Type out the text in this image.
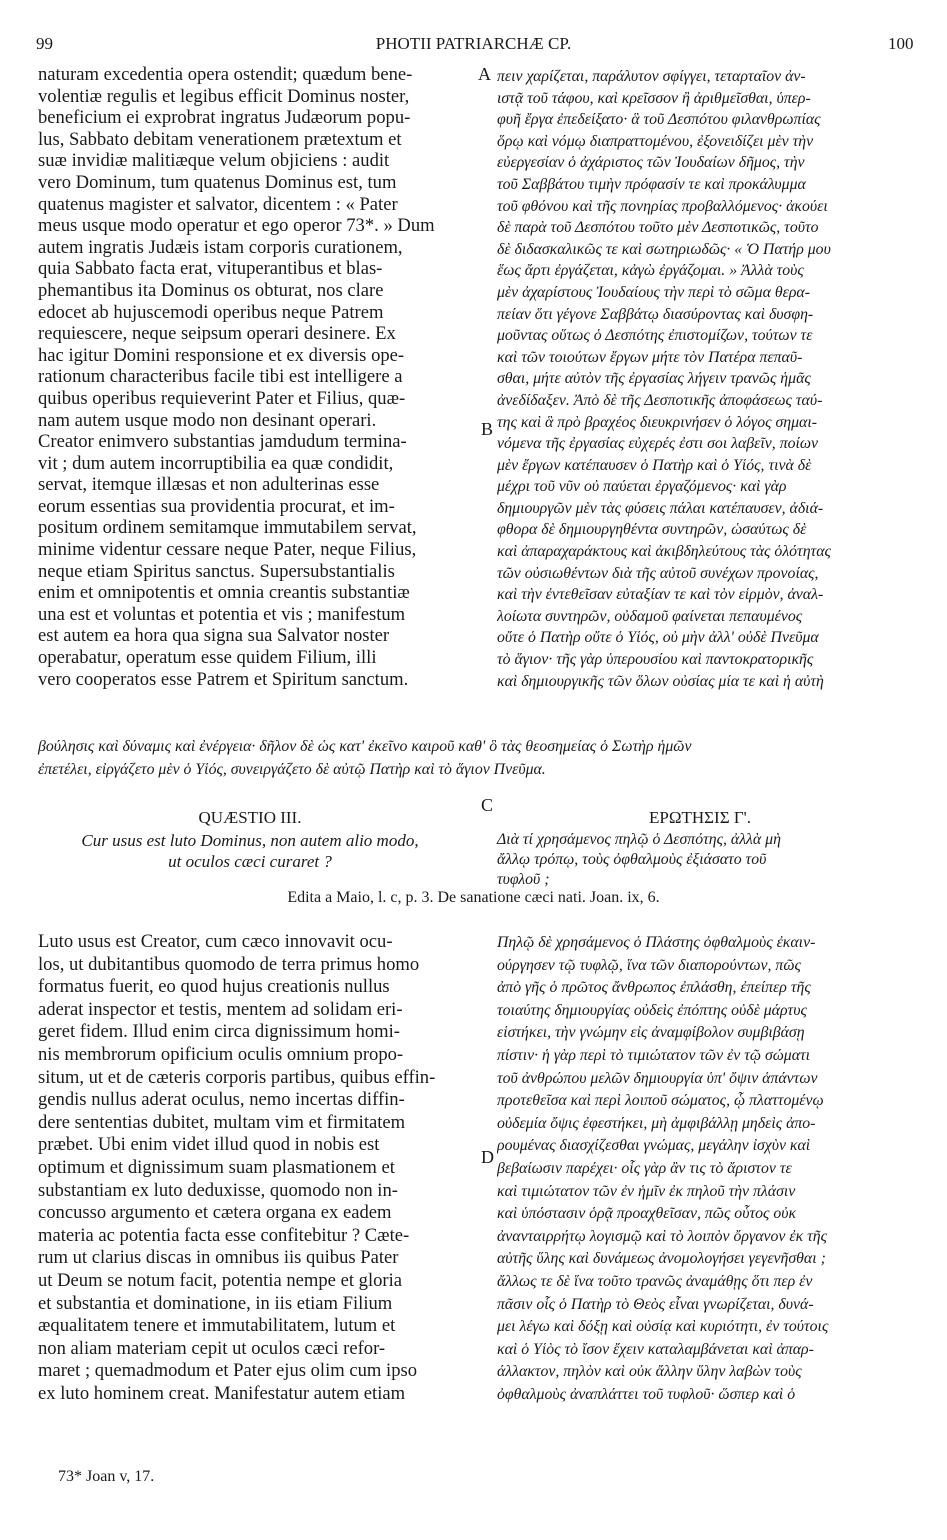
99	PHOTII PATRIARCHÆ CP.	100
A
B
C
D
naturam excedentia opera ostendit; quædum bene-
volentiæ regulis et legibus efficit Dominus noster,
beneficium ei exprobrat ingratus Judæorum popu-
lus, Sabbato debitam venerationem prætextum et
suæ invidiæ malitiæque velum objiciens : audit
vero Dominum, tum quatenus Dominus est, tum
quatenus magister et salvator, dicentem : « Pater
meus usque modo operatur et ego operor 73*. » Dum
autem ingratis Judæis istam corporis curationem,
quia Sabbato facta erat, vituperantibus et blas-
phemantibus ita Dominus os obturat, nos clare
edocet ab hujuscemodi operibus neque Patrem
requiescere, neque seipsum operari desinere. Ex
hac igitur Domini responsione et ex diversis ope-
rationum characteribus facile tibi est intelligere a
quibus operibus requieverint Pater et Filius, quæ-
nam autem usque modo non desinant operari.
Creator enimvero substantias jamdudum termina-
vit ; dum autem incorruptibilia ea quæ condidit,
servat, itemque illæsas et non adulterinas esse
eorum essentias sua providentia procurat, et im-
positum ordinem semitamque immutabilem servat,
minime videntur cessare neque Pater, neque Filius,
neque etiam Spiritus sanctus. Supersubstantialis
enim et omnipotentis et omnia creantis substantiæ
una est et voluntas et potentia et vis ; manifestum
est autem ea hora qua signa sua Salvator noster
operabatur, operatum esse quidem Filium, illi
vero cooperatos esse Patrem et Spiritum sanctum.
πειν χαρίζεται, παράλυτον σφίγγει, τεταρταῖον ἀν-
ιστᾷ τοῦ τάφου, καὶ κρεῖσσον ἢ ἀριθμεῖσθαι, ὑπερ-
φυῆ ἔργα ἐπεδείξατο· ἃ τοῦ Δεσπότου φιλανθρωπίας
ὅρῳ καὶ νόμῳ διαπραττομένου, ἐξονειδίζει μὲν τὴν
εὐεργεσίαν ὁ ἀχάριστος τῶν Ἰουδαίων δῆμος, τὴν
τοῦ Σαββάτου τιμὴν πρόφασίν τε καὶ προκάλυμμα
τοῦ φθόνου καὶ τῆς πονηρίας προβαλλόμενος· ἀκούει
δὲ παρὰ τοῦ Δεσπότου τοῦτο μὲν Δεσποτικῶς, τοῦτο
δὲ διδασκαλικῶς τε καὶ σωτηριωδῶς· « Ὁ Πατήρ μου
ἕως ἄρτι ἐργάζεται, κἀγὼ ἐργάζομαι. » Ἀλλὰ τοὺς
μὲν ἀχαρίστους Ἰουδαίους τὴν περὶ τὸ σῶμα θερα-
πείαν ὅτι γέγονε Σαββάτῳ διασύροντας καὶ δυσφη-
μοῦντας οὕτως ὁ Δεσπότης ἐπιστομίζων, τούτων τε
καὶ τῶν τοιούτων ἔργων μήτε τὸν Πατέρα πεπαῦ-
σθαι, μήτε αὐτὸν τῆς ἐργασίας λήγειν τρανῶς ἡμᾶς
ἀνεδίδαξεν. Ἀπὸ δὲ τῆς Δεσποτικῆς ἀποφάσεως ταύ-
της καὶ ἃ πρὸ βραχέος διευκρινήσεν ὁ λόγος σημαι-
νόμενα τῆς ἐργασίας εὐχερές ἐστι σοι λαβεῖν, ποίων
μὲν ἔργων κατέπαυσεν ὁ Πατὴρ καὶ ὁ Υἱός, τινὰ δὲ
μέχρι τοῦ νῦν οὐ παύεται ἐργαζόμενος· καὶ γὰρ
δημιουργῶν μὲν τὰς φύσεις πάλαι κατέπαυσεν, ἀδιά-
φθορα δὲ δημιουργηθέντα συντηρῶν, ὡσαύτως δὲ
καὶ ἀπαραχαράκτους καὶ ἀκιβδηλεύτους τὰς ὁλότητας
τῶν οὐσιωθέντων διὰ τῆς αὐτοῦ συνέχων προνοίας,
καὶ τὴν ἐντεθεῖσαν εὐταξίαν τε καὶ τὸν εἱρμὸν, ἀναλ-
λοίωτα συντηρῶν, οὐδαμοῦ φαίνεται πεπαυμένος
οὔτε ὁ Πατὴρ οὔτε ὁ Υἱός, οὐ μὴν ἀλλ' οὐδὲ Πνεῦμα
τὸ ἅγιον· τῆς γὰρ ὑπερουσίου καὶ παντοκρατορικῆς
καὶ δημιουργικῆς τῶν ὅλων οὐσίας μία τε καὶ ἡ αὐτὴ
βούλησις καὶ δύναμις καὶ ἐνέργεια· δῆλον δὲ ὡς κατ' ἐκεῖνο καιροῦ καθ' ὃ τὰς θεοσημείας ὁ Σωτὴρ ἡμῶν
ἐπετέλει, εἰργάζετο μὲν ὁ Υἱός, συνειργάζετο δὲ αὐτῷ Πατὴρ καὶ τὸ ἅγιον Πνεῦμα.
QUÆSTIO III.	ΕΡΩΤΗΣΙΣ Γ'.
Cur usus est luto Dominus, non autem alio modo,
ut oculos cæci curaret ?
Διὰ τί χρησάμενος πηλῷ ὁ Δεσπότης, ἀλλὰ μὴ
ἄλλῳ τρόπῳ, τοὺς ὀφθαλμοὺς ἐξιάσατο τοῦ
τυφλοῦ ;
Edita a Maio, l. c, p. 3. De sanatione cæci nati. Joan. ix, 6.
Luto usus est Creator, cum cæco innovavit ocu-
los, ut dubitantibus quomodo de terra primus homo
formatus fuerit, eo quod hujus creationis nullus
aderat inspector et testis, mentem ad solidam eri-
geret fidem. Illud enim circa dignissimum homi-
nis membrorum opificium oculis omnium propo-
situm, ut et de cæteris corporis partibus, quibus effin-
gendis nullus aderat oculus, nemo incertas diffin-
dere sententias dubitet, multam vim et firmitatem
præbet. Ubi enim videt illud quod in nobis est
optimum et dignissimum suam plasmationem et
substantiam ex luto deduxisse, quomodo non in-
concusso argumento et cætera organa ex eadem
materia ac potentia facta esse confitebitur ? Cæte-
rum ut clarius discas in omnibus iis quibus Pater
ut Deum se notum facit, potentia nempe et gloria
et substantia et dominatione, in iis etiam Filium
æqualitatem tenere et immutabilitatem, lutum et
non aliam materiam cepit ut oculos cæci refor-
maret ; quemadmodum et Pater ejus olim cum ipso
ex luto hominem creat. Manifestatur autem etiam
Πηλῷ δὲ χρησάμενος ὁ Πλάστης ὀφθαλμοὺς ἐκαιν-
ούργησεν τῷ τυφλῷ, ἵνα τῶν διαπορούντων, πῶς
ἀπὸ γῆς ὁ πρῶτος ἄνθρωπος ἐπλάσθη, ἐπείπερ τῆς
τοιαύτης δημιουργίας οὐδεὶς ἐπόπτης οὐδὲ μάρτυς
εἱστήκει, τὴν γνώμην εἰς ἀναμφίβολον συμβιβάσῃ
πίστιν· ἡ γὰρ περὶ τὸ τιμιώτατον τῶν ἐν τῷ σώματι
τοῦ ἀνθρώπου μελῶν δημιουργία ὑπ' ὄψιν ἁπάντων
προτεθεῖσα καὶ περὶ λοιποῦ σώματος, ᾧ πλαττομένῳ
οὐδεμία ὄψις ἐφεστήκει, μὴ ἀμφιβάλλῃ μηδεὶς ἀπο-
ρουμένας διασχίζεσθαι γνώμας, μεγάλην ἰσχὺν καὶ
βεβαίωσιν παρέχει· οἷς γὰρ ἂν τις τὸ ἄριστον τε
καὶ τιμιώτατον τῶν ἐν ἡμῖν ἐκ πηλοῦ τὴν πλάσιν
καὶ ὑπόστασιν ὁρᾷ προαχθεῖσαν, πῶς οὗτος οὐκ
ἀνανταιρρήτῳ λογισμῷ καὶ τὸ λοιπὸν ὄργανον ἐκ τῆς
αὐτῆς ὕλης καὶ δυνάμεως ἀνομολογήσει γεγενῆσθαι ;
ἄλλως τε δὲ ἵνα τοῦτο τρανῶς ἀναμάθῃς ὅτι περ ἐν
πᾶσιν οἷς ὁ Πατὴρ τὸ Θεὸς εἶναι γνωρίζεται, δυνά-
μει λέγω καὶ δόξῃ καὶ οὐσίᾳ καὶ κυριότητι, ἐν τούτοις
καὶ ὁ Υἱὸς τὸ ἴσον ἔχειν καταλαμβάνεται καὶ ἀπαρ-
άλλακτον, πηλὸν καὶ οὐκ ἄλλην ὕλην λαβὼν τοὺς
ὀφθαλμοὺς ἀναπλάττει τοῦ τυφλοῦ· ὥσπερ καὶ ὁ
73* Joan v, 17.
